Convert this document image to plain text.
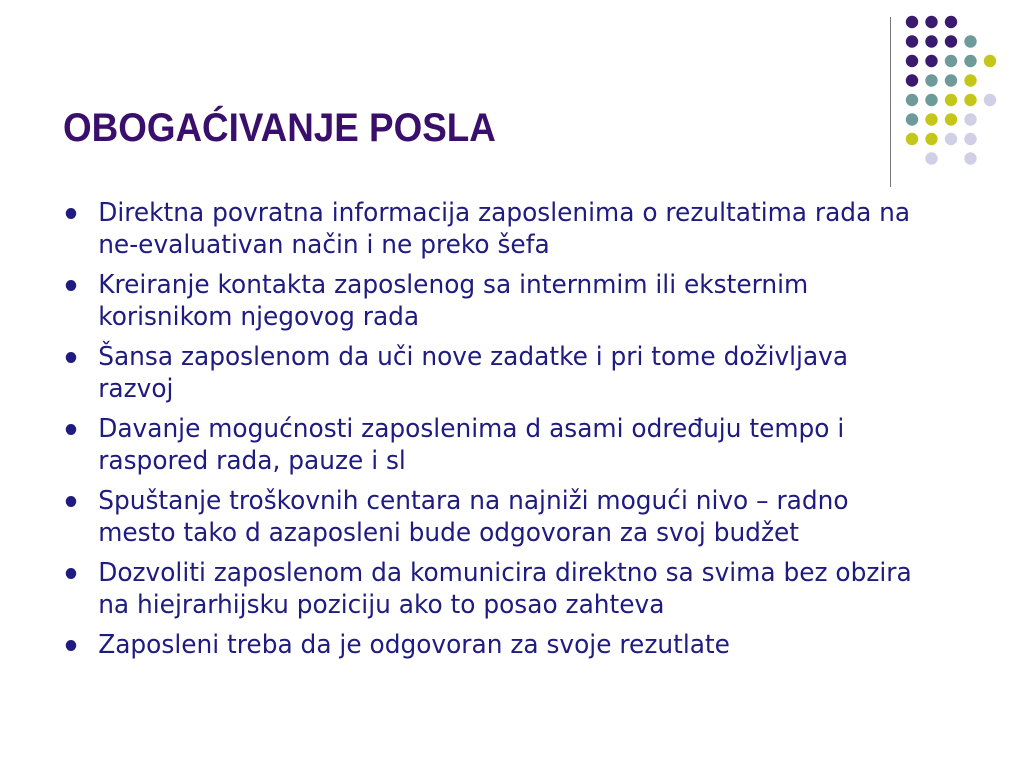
OBOGAĆIVANJE POSLA
Direktna povratna informacija zaposlenima o rezultatima rada na ne-evaluativan način i ne preko šefa
Kreiranje kontakta zaposlenog sa internmim ili eksternim korisnikom njegovog rada
Šansa zaposlenom da uči nove zadatke i pri tome doživljava razvoj
Davanje mogućnosti zaposlenima d asami određuju tempo i raspored rada, pauze i sl
Spuštanje troškovnih centara na najniži mogući nivo – radno mesto tako d azaposleni bude odgovoran za svoj budžet
Dozvoliti zaposlenom da komunicira direktno sa svima bez obzira na hiejrarhijsku poziciju ako to posao zahteva
Zaposleni treba da je odgovoran za svoje rezutlate
